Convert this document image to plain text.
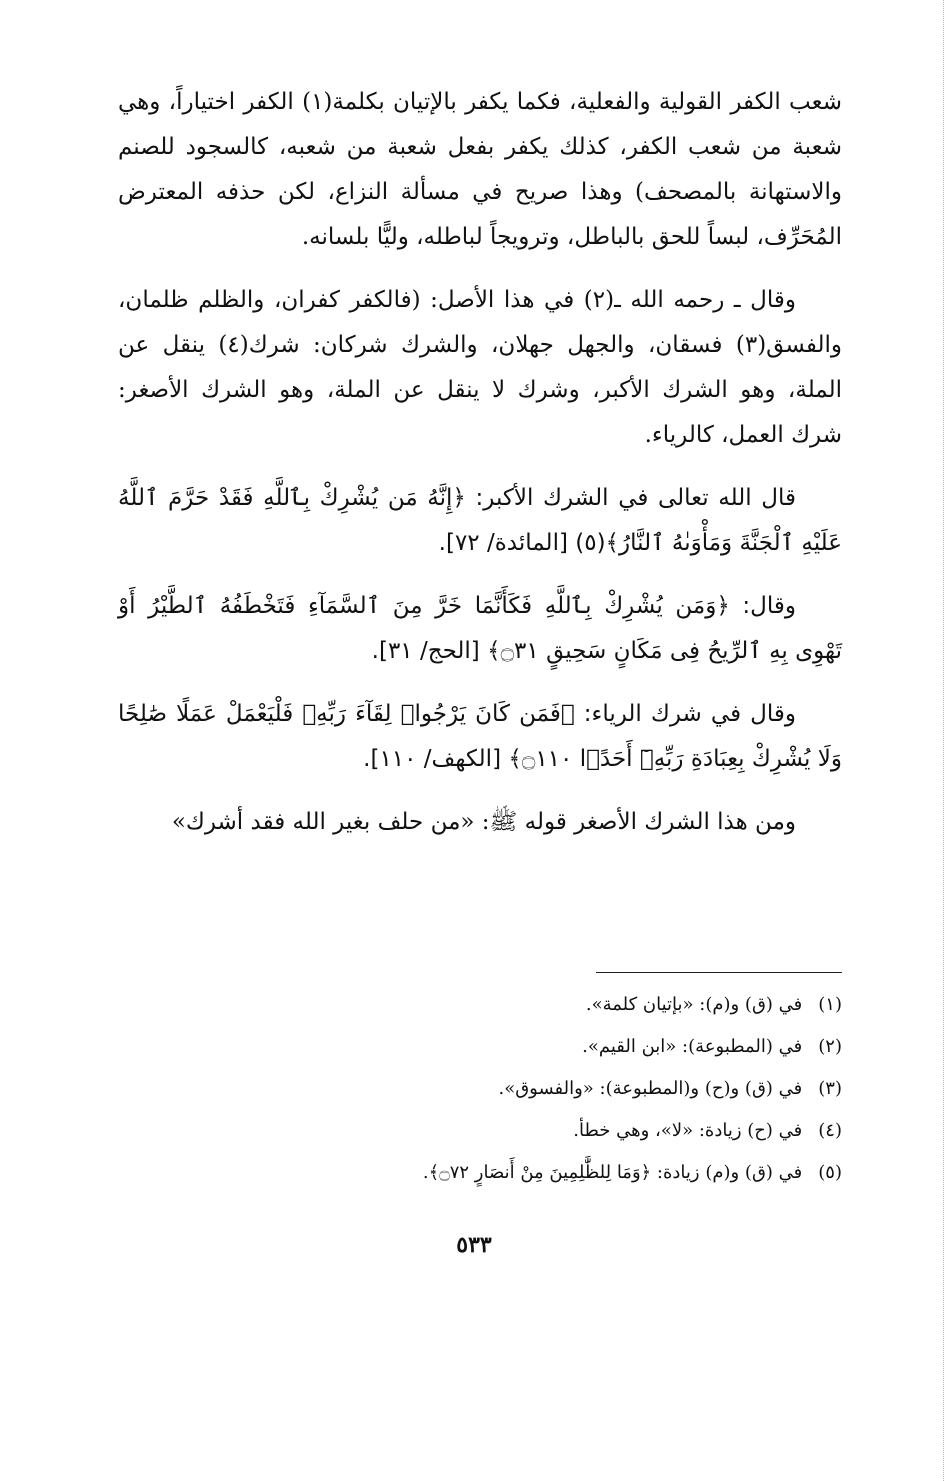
شعب الكفر القولية والفعلية، فكما يكفر بالإتيان بكلمة(١) الكفر اختياراً، وهي شعبة من شعب الكفر، كذلك يكفر بفعل شعبة من شعبه، كالسجود للصنم والاستهانة بالمصحف) وهذا صريح في مسألة النزاع، لكن حذفه المعترض المُحَرِّف، لبساً للحق بالباطل، وترويجاً لباطله، وليًّا بلسانه.

وقال ـ رحمه الله ـ(٢) في هذا الأصل: (فالكفر كفران، والظلم ظلمان، والفسق(٣) فسقان، والجهل جهلان، والشرك شركان: شرك(٤) ينقل عن الملة، وهو الشرك الأكبر، وشرك لا ينقل عن الملة، وهو الشرك الأصغر: شرك العمل، كالرياء.

قال الله تعالى في الشرك الأكبر: ﴿إِنَّهُ مَن يُشْرِكْ بِٱللَّهِ فَقَدْ حَرَّمَ ٱللَّهُ عَلَيْهِ ٱلْجَنَّةَ وَمَأْوَىٰهُ ٱلنَّارُ﴾(٥) [المائدة/ ٧٢].

وقال: ﴿وَمَن يُشْرِكْ بِٱللَّهِ فَكَأَنَّمَا خَرَّ مِنَ ٱلسَّمَآءِ فَتَخْطَفُهُ ٱلطَّيْرُ أَوْ تَهْوِى بِهِ ٱلرِّيحُ فِى مَكَانٍ سَحِيقٍ ۝٣١﴾ [الحج/ ٣١].

وقال في شرك الرياء: ﴿فَمَن كَانَ يَرْجُوا۟ لِقَآءَ رَبِّهِۦ فَلْيَعْمَلْ عَمَلًا صَٰلِحًا وَلَا يُشْرِكْ بِعِبَادَةِ رَبِّهِۦٓ أَحَدًۢا ۝١١٠﴾ [الكهف/ ١١٠].

ومن هذا الشرك الأصغر قوله ﷺ: «من حلف بغير الله فقد أشرك»

(١) في (ق) و(م): «بإتيان كلمة».
(٢) في (المطبوعة): «ابن القيم».
(٣) في (ق) و(ح) و(المطبوعة): «والفسوق».
(٤) في (ح) زيادة: «لا»، وهي خطأ.
(٥) في (ق) و(م) زيادة: ﴿وَمَا لِلظَّٰلِمِينَ مِنْ أَنصَارٍ ۝٧٢﴾.
٥٣٣
